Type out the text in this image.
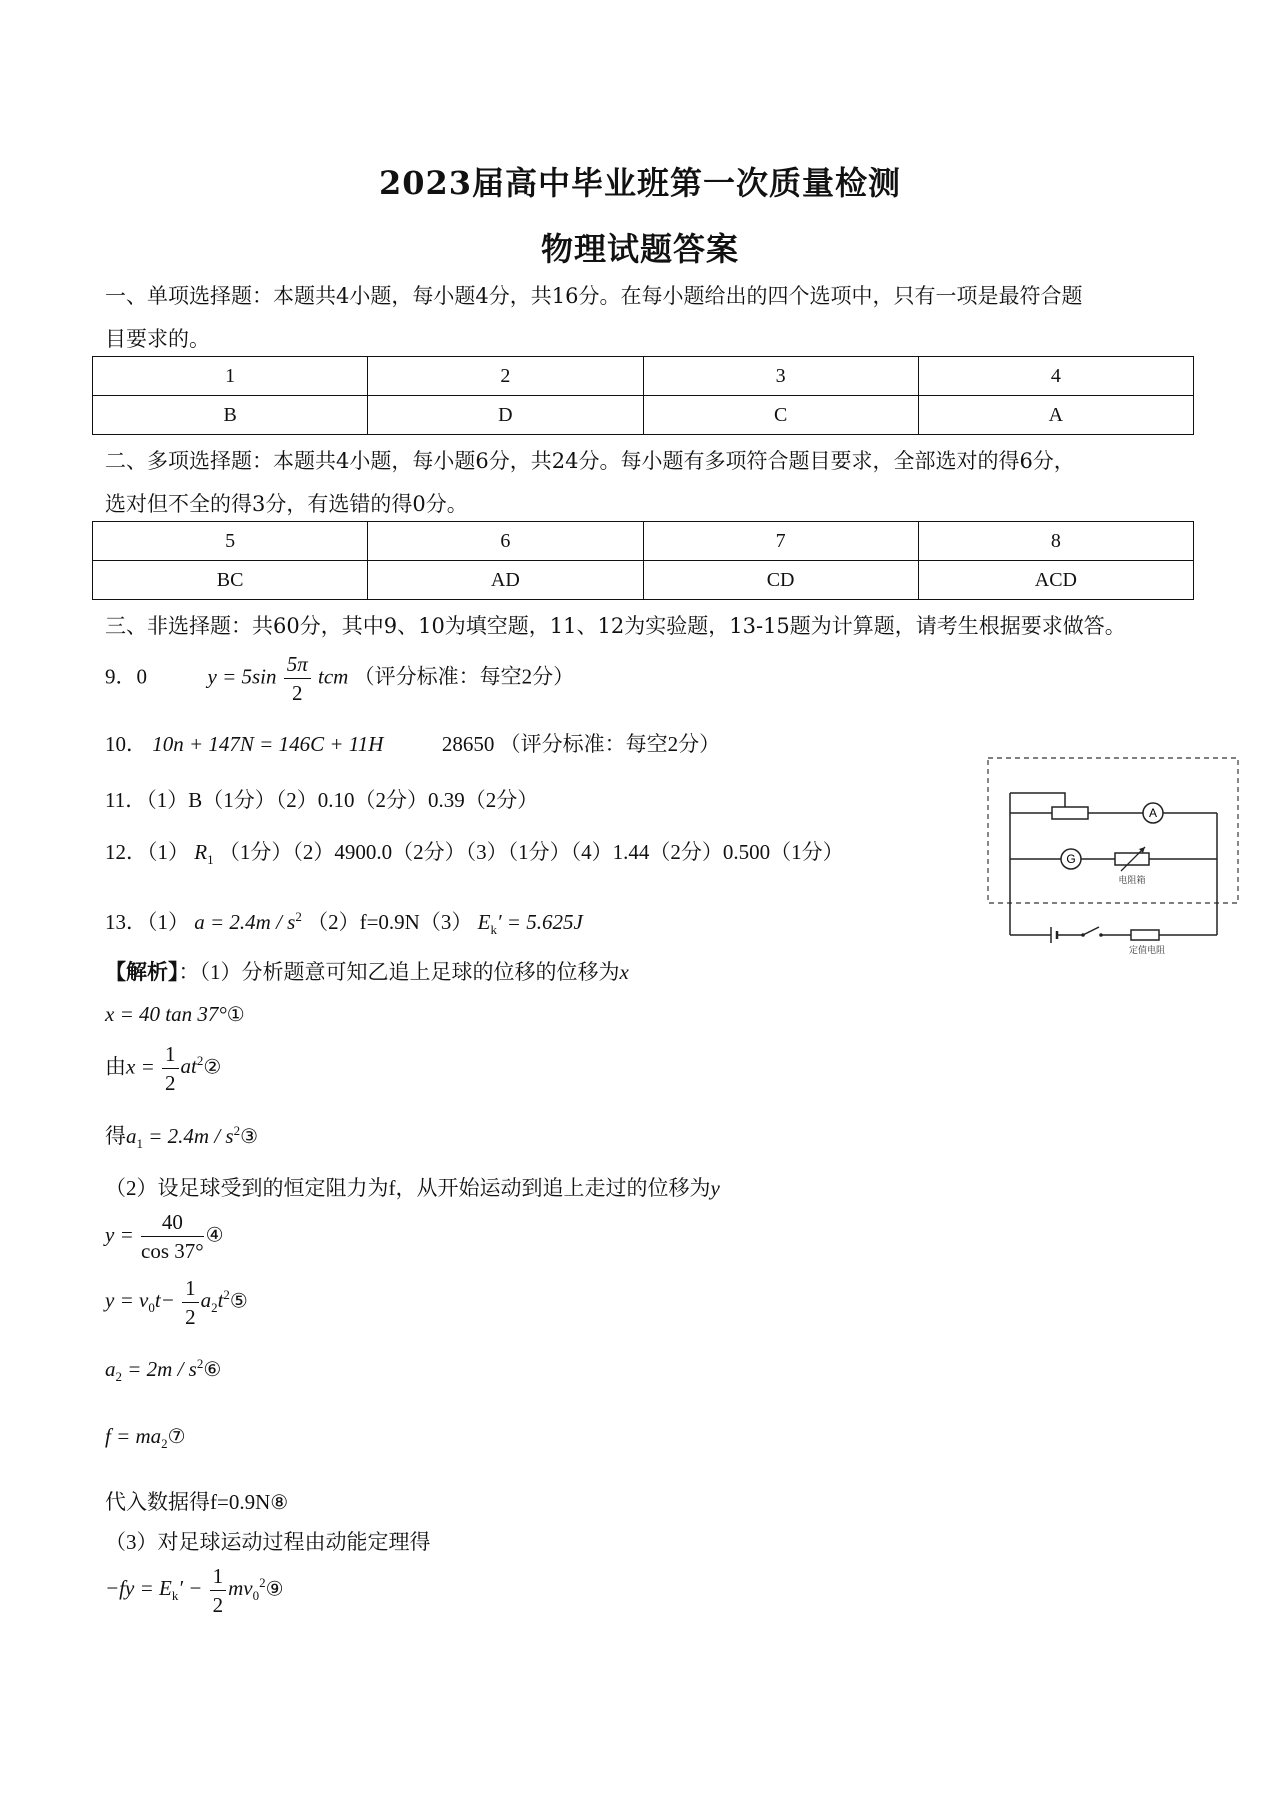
2023届高中毕业班第一次质量检测
物理试题答案
一、单项选择题：本题共4小题，每小题4分，共16分。在每小题给出的四个选项中，只有一项是最符合题
目要求的。
1	2	3	4
B	D	C	A
二、多项选择题：本题共4小题，每小题6分，共24分。每小题有多项符合题目要求，全部选对的得6分，
选对但不全的得3分，有选错的得0分。
5	6	7	8
BC	AD	CD	ACD
三、非选择题：共60分，其中9、10为填空题，11、12为实验题，13-15题为计算题，请考生根据要求做答。
9．0	$y = 5\sin \frac{5\pi}{2}$ tcm （评分标准：每空2分）
10． 10n + 147N = 146C + 11H	28650 （评分标准：每空2分）
11．（1）B（1分）（2）0.10（2分）0.39（2分）
12．（1） $R_1$ （1分）（2）4900.0（2分）（3）（1分）（4）1.44（2分）0.500（1分）
13．（1） $a = 2.4m / s^2$ （2）f=0.9N（3） $E_k' = 5.625J$
【解析】：（1）分析题意可知乙追上足球的位移的位移为x
x = 40 tan 37°①
由$x = \frac{1}{2}$ $at^2②$
得$a_1 = 2.4m$ / $s^2③$
（2）设足球受到的恒定阻力为f，从开始运动到追上走过的位移为y
$y = \frac{40}{\cos 37^\circ}$ ④
$y = v_0t- \frac{1}{2}$ $a_2t^2⑤$
$a_2 = 2m$ / $s^2⑥$
$f = ma_2⑦$
代入数据得f=0.9N⑧
（3）对足球运动过程由动能定理得
$-fy = E_k' - \frac{1}{2}$ $mv_0^2⑨$
A
G
电阻箱
定值电阻
